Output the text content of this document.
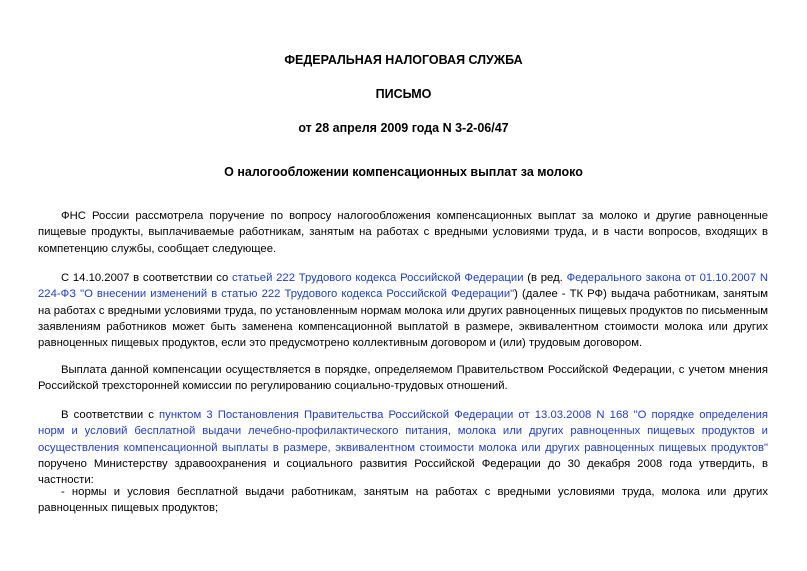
ФЕДЕРАЛЬНАЯ НАЛОГОВАЯ СЛУЖБА
ПИСЬМО
от 28 апреля 2009 года N 3-2-06/47
О налогообложении компенсационных выплат за молоко

ФНС России рассмотрела поручение по вопросу налогообложения компенсационных выплат за молоко и другие равноценные пищевые продукты, выплачиваемые работникам, занятым на работах с вредными условиями труда, и в части вопросов, входящих в компетенцию службы, сообщает следующее.

С 14.10.2007 в соответствии со статьей 222 Трудового кодекса Российской Федерации (в ред. Федерального закона от 01.10.2007 N 224-ФЗ "О внесении изменений в статью 222 Трудового кодекса Российской Федерации") (далее - ТК РФ) выдача работникам, занятым на работах с вредными условиями труда, по установленным нормам молока или других равноценных пищевых продуктов по письменным заявлениям работников может быть заменена компенсационной выплатой в размере, эквивалентном стоимости молока или других равноценных пищевых продуктов, если это предусмотрено коллективным договором и (или) трудовым договором.

Выплата данной компенсации осуществляется в порядке, определяемом Правительством Российской Федерации, с учетом мнения Российской трехсторонней комиссии по регулированию социально-трудовых отношений.

В соответствии с пунктом 3 Постановления Правительства Российской Федерации от 13.03.2008 N 168 "О порядке определения норм и условий бесплатной выдачи лечебно-профилактического питания, молока или других равноценных пищевых продуктов и осуществления компенсационной выплаты в размере, эквивалентном стоимости молока или других равноценных пищевых продуктов" поручено Министерству здравоохранения и социального развития Российской Федерации до 30 декабря 2008 года утвердить, в частности:

- нормы и условия бесплатной выдачи работникам, занятым на работах с вредными условиями труда, молока или других равноценных пищевых продуктов;
